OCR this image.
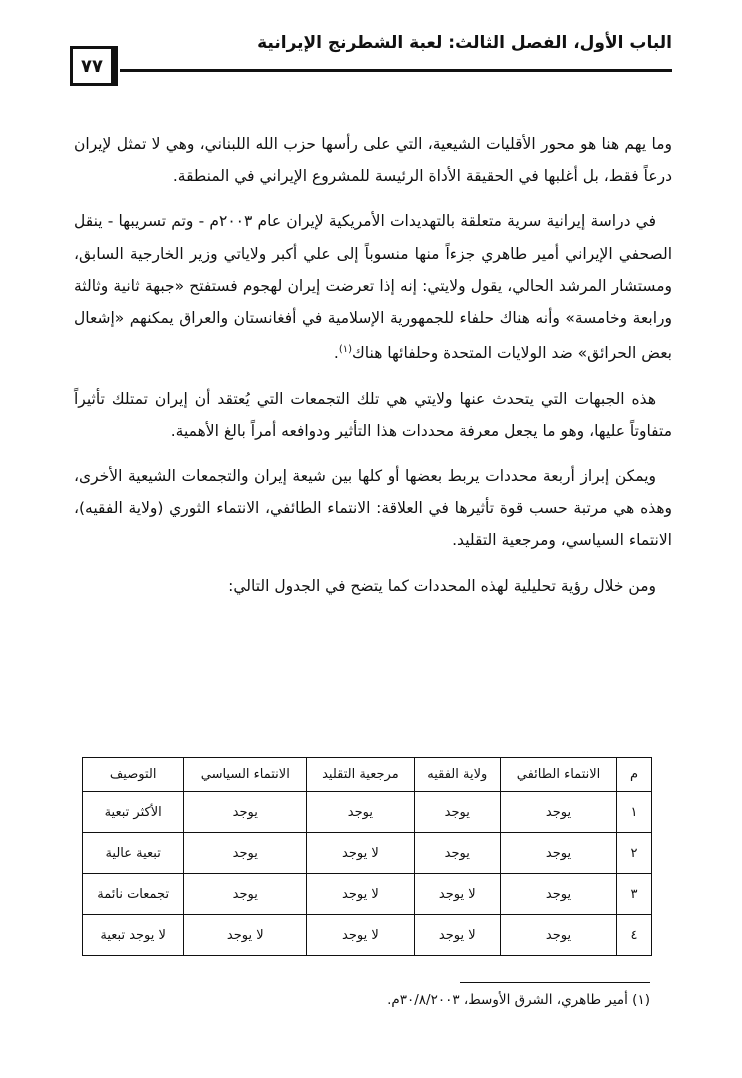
الباب الأول، الفصل الثالث: لعبة الشطرنج الإيرانية
٧٧

وما يهم هنا هو محور الأقليات الشيعية، التي على رأسها حزب الله اللبناني، وهي لا تمثل لإيران درعاً فقط، بل أغلبها في الحقيقة الأداة الرئيسة للمشروع الإيراني في المنطقة.

في دراسة إيرانية سرية متعلقة بالتهديدات الأمريكية لإيران عام ٢٠٠٣م - وتم تسريبها - ينقل الصحفي الإيراني أمير طاهري جزءاً منها منسوباً إلى علي أكبر ولاياتي وزير الخارجية السابق، ومستشار المرشد الحالي، يقول ولايتي: إنه إذا تعرضت إيران لهجوم فستفتح «جبهة ثانية وثالثة ورابعة وخامسة» وأنه هناك حلفاء للجمهورية الإسلامية في أفغانستان والعراق يمكنهم «إشعال بعض الحرائق» ضد الولايات المتحدة وحلفائها هناك$^{(١)}$.

هذه الجبهات التي يتحدث عنها ولايتي هي تلك التجمعات التي يُعتقد أن إيران تمتلك تأثيراً متفاوتاً عليها، وهو ما يجعل معرفة محددات هذا التأثير ودوافعه أمراً بالغ الأهمية.

ويمكن إبراز أربعة محددات يربط بعضها أو كلها بين شيعة إيران والتجمعات الشيعية الأخرى، وهذه هي مرتبة حسب قوة تأثيرها في العلاقة: الانتماء الطائفي، الانتماء الثوري (ولاية الفقيه)، الانتماء السياسي، ومرجعية التقليد.

ومن خلال رؤية تحليلية لهذه المحددات كما يتضح في الجدول التالي:

م	الانتماء الطائفي	ولاية الفقيه	مرجعية التقليد	الانتماء السياسي	التوصيف
١	يوجد	يوجد	يوجد	يوجد	الأكثر تبعية
٢	يوجد	يوجد	لا يوجد	يوجد	تبعية عالية
٣	يوجد	لا يوجد	لا يوجد	يوجد	تجمعات نائمة
٤	يوجد	لا يوجد	لا يوجد	لا يوجد	لا يوجد تبعية
(١) أمير طاهري، الشرق الأوسط، ٣٠/٨/٢٠٠٣م.
